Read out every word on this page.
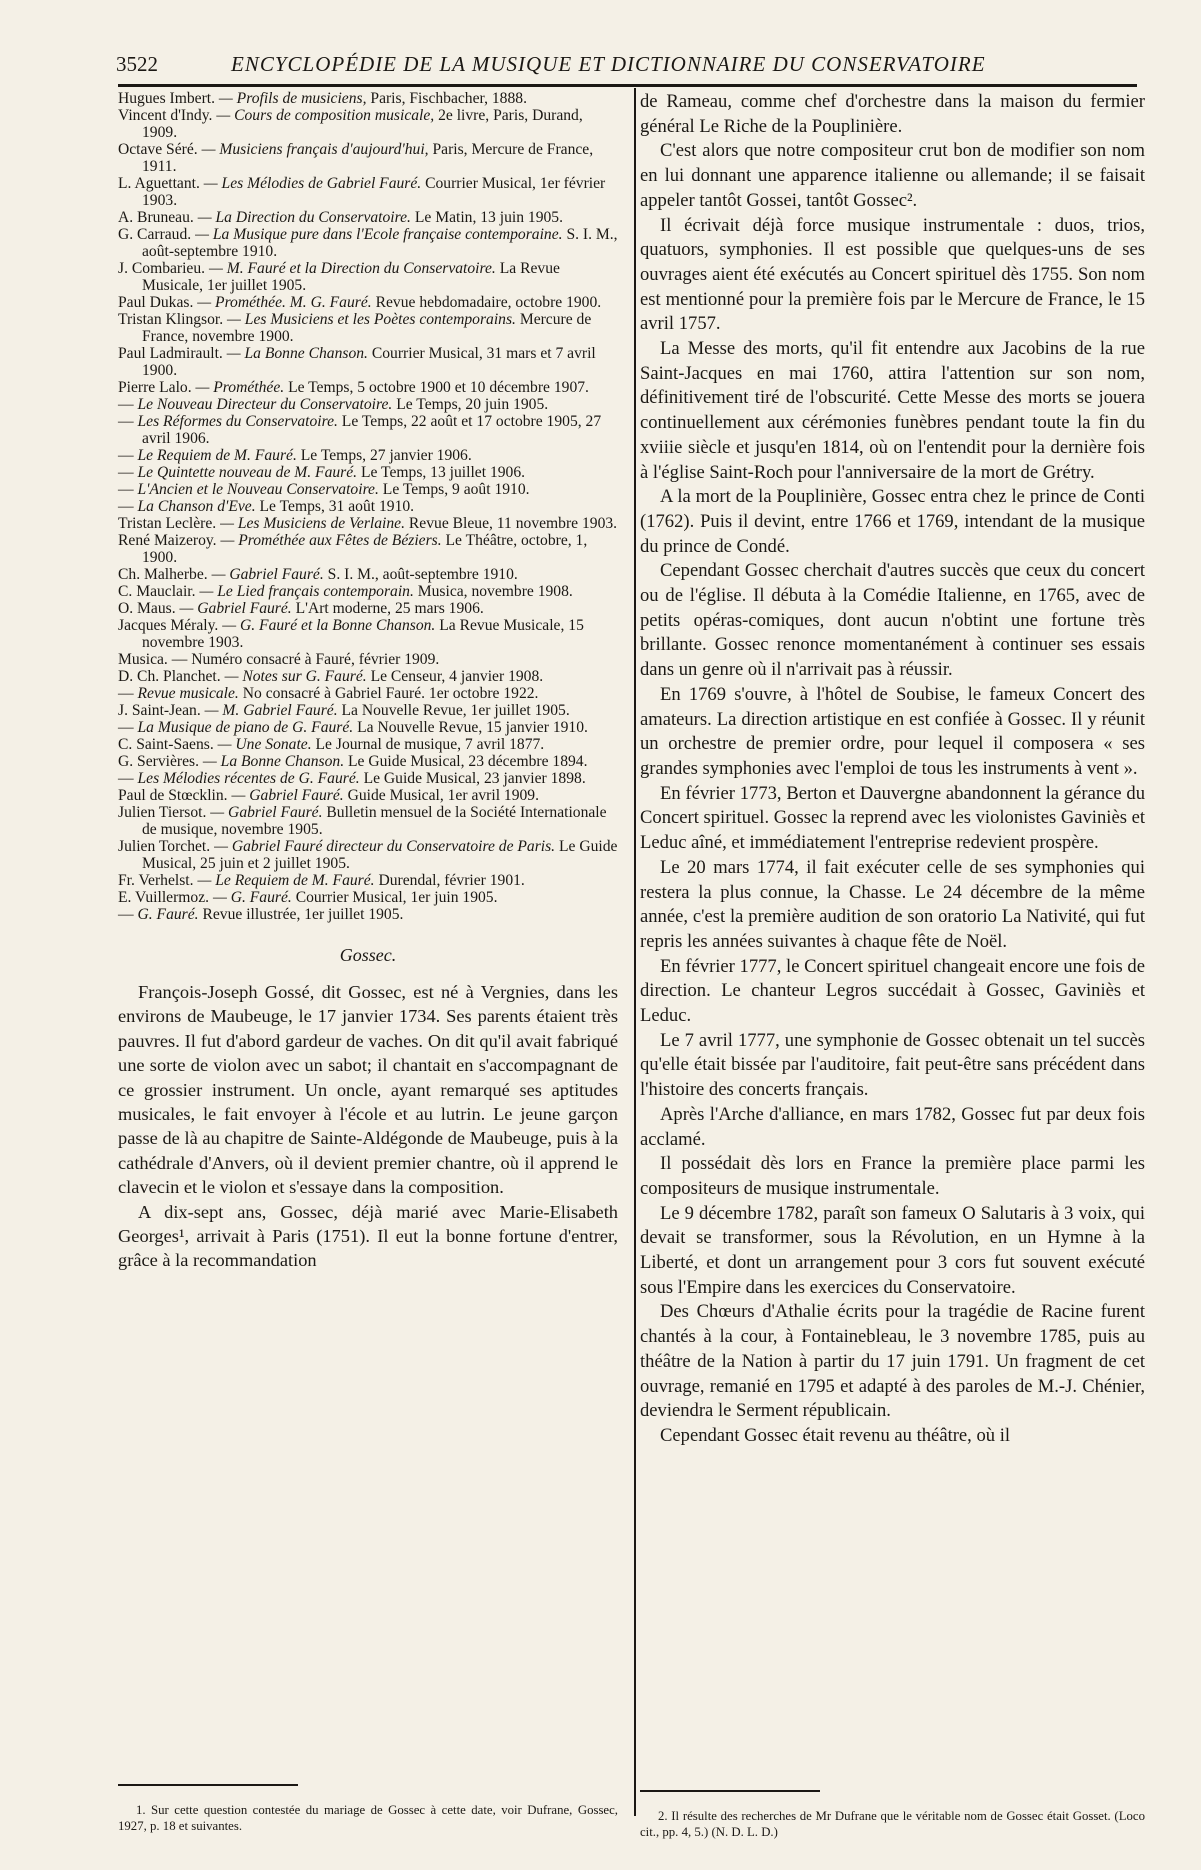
3522	ENCYCLOPÉDIE DE LA MUSIQUE ET DICTIONNAIRE DU CONSERVATOIRE
Hugues Imbert. — Profils de musiciens, Paris, Fischbacher, 1888.
Vincent d'Indy. — Cours de composition musicale, 2e livre, Paris, Durand, 1909.
Octave Séré. — Musiciens français d'aujourd'hui, Paris, Mercure de France, 1911.
L. Aguettant. — Les Mélodies de Gabriel Fauré. Courrier Musical, 1er février 1903.
A. Bruneau. — La Direction du Conservatoire. Le Matin, 13 juin 1905.
G. Carraud. — La Musique pure dans l'Ecole française contemporaine. S. I. M., août-septembre 1910.
J. Combarieu. — M. Fauré et la Direction du Conservatoire. La Revue Musicale, 1er juillet 1905.
Paul Dukas. — Prométhée. M. G. Fauré. Revue hebdomadaire, octobre 1900.
Tristan Klingsor. — Les Musiciens et les Poètes contemporains. Mercure de France, novembre 1900.
Paul Ladmirault. — La Bonne Chanson. Courrier Musical, 31 mars et 7 avril 1900.
Pierre Lalo. — Prométhée. Le Temps, 5 octobre 1900 et 10 décembre 1907.
— Le Nouveau Directeur du Conservatoire. Le Temps, 20 juin 1905.
— Les Réformes du Conservatoire. Le Temps, 22 août et 17 octobre 1905, 27 avril 1906.
— Le Requiem de M. Fauré. Le Temps, 27 janvier 1906.
— Le Quintette nouveau de M. Fauré. Le Temps, 13 juillet 1906.
— L'Ancien et le Nouveau Conservatoire. Le Temps, 9 août 1910.
— La Chanson d'Eve. Le Temps, 31 août 1910.
Tristan Leclère. — Les Musiciens de Verlaine. Revue Bleue, 11 novembre 1903.
René Maizeroy. — Prométhée aux Fêtes de Béziers. Le Théâtre, octobre, 1, 1900.
Ch. Malherbe. — Gabriel Fauré. S. I. M., août-septembre 1910.
C. Mauclair. — Le Lied français contemporain. Musica, novembre 1908.
O. Maus. — Gabriel Fauré. L'Art moderne, 25 mars 1906.
Jacques Méraly. — G. Fauré et la Bonne Chanson. La Revue Musicale, 15 novembre 1903.
Musica. — Numéro consacré à Fauré, février 1909.
D. Ch. Planchet. — Notes sur G. Fauré. Le Censeur, 4 janvier 1908.
— Revue musicale. No consacré à Gabriel Fauré. 1er octobre 1922.
J. Saint-Jean. — M. Gabriel Fauré. La Nouvelle Revue, 1er juillet 1905.
— La Musique de piano de G. Fauré. La Nouvelle Revue, 15 janvier 1910.
C. Saint-Saens. — Une Sonate. Le Journal de musique, 7 avril 1877.
G. Servières. — La Bonne Chanson. Le Guide Musical, 23 décembre 1894.
— Les Mélodies récentes de G. Fauré. Le Guide Musical, 23 janvier 1898.
Paul de Stœcklin. — Gabriel Fauré. Guide Musical, 1er avril 1909.
Julien Tiersot. — Gabriel Fauré. Bulletin mensuel de la Société Internationale de musique, novembre 1905.
Julien Torchet. — Gabriel Fauré directeur du Conservatoire de Paris. Le Guide Musical, 25 juin et 2 juillet 1905.
Fr. Verhelst. — Le Requiem de M. Fauré. Durendal, février 1901.
E. Vuillermoz. — G. Fauré. Courrier Musical, 1er juin 1905.
— G. Fauré. Revue illustrée, 1er juillet 1905.
Gossec.

François-Joseph Gossé, dit Gossec, est né à Vergnies, dans les environs de Maubeuge, le 17 janvier 1734. Ses parents étaient très pauvres. Il fut d'abord gardeur de vaches. On dit qu'il avait fabriqué une sorte de violon avec un sabot; il chantait en s'accompagnant de ce grossier instrument. Un oncle, ayant remarqué ses aptitudes musicales, le fait envoyer à l'école et au lutrin. Le jeune garçon passe de là au chapitre de Sainte-Aldégonde de Maubeuge, puis à la cathédrale d'Anvers, où il devient premier chantre, où il apprend le clavecin et le violon et s'essaye dans la composition.

A dix-sept ans, Gossec, déjà marié avec Marie-Elisabeth Georges¹, arrivait à Paris (1751). Il eut la bonne fortune d'entrer, grâce à la recommandation

de Rameau, comme chef d'orchestre dans la maison du fermier général Le Riche de la Pouplinière.

C'est alors que notre compositeur crut bon de modifier son nom en lui donnant une apparence italienne ou allemande; il se faisait appeler tantôt Gossei, tantôt Gossec².

Il écrivait déjà force musique instrumentale : duos, trios, quatuors, symphonies. Il est possible que quelques-uns de ses ouvrages aient été exécutés au Concert spirituel dès 1755. Son nom est mentionné pour la première fois par le Mercure de France, le 15 avril 1757.

La Messe des morts, qu'il fit entendre aux Jacobins de la rue Saint-Jacques en mai 1760, attira l'attention sur son nom, définitivement tiré de l'obscurité. Cette Messe des morts se jouera continuellement aux cérémonies funèbres pendant toute la fin du xviiie siècle et jusqu'en 1814, où on l'entendit pour la dernière fois à l'église Saint-Roch pour l'anniversaire de la mort de Grétry.

A la mort de la Pouplinière, Gossec entra chez le prince de Conti (1762). Puis il devint, entre 1766 et 1769, intendant de la musique du prince de Condé.

Cependant Gossec cherchait d'autres succès que ceux du concert ou de l'église. Il débuta à la Comédie Italienne, en 1765, avec de petits opéras-comiques, dont aucun n'obtint une fortune très brillante. Gossec renonce momentanément à continuer ses essais dans un genre où il n'arrivait pas à réussir.

En 1769 s'ouvre, à l'hôtel de Soubise, le fameux Concert des amateurs. La direction artistique en est confiée à Gossec. Il y réunit un orchestre de premier ordre, pour lequel il composera « ses grandes symphonies avec l'emploi de tous les instruments à vent ».

En février 1773, Berton et Dauvergne abandonnent la gérance du Concert spirituel. Gossec la reprend avec les violonistes Gaviniès et Leduc aîné, et immédiatement l'entreprise redevient prospère.

Le 20 mars 1774, il fait exécuter celle de ses symphonies qui restera la plus connue, la Chasse. Le 24 décembre de la même année, c'est la première audition de son oratorio La Nativité, qui fut repris les années suivantes à chaque fête de Noël.

En février 1777, le Concert spirituel changeait encore une fois de direction. Le chanteur Legros succédait à Gossec, Gaviniès et Leduc.

Le 7 avril 1777, une symphonie de Gossec obtenait un tel succès qu'elle était bissée par l'auditoire, fait peut-être sans précédent dans l'histoire des concerts français.

Après l'Arche d'alliance, en mars 1782, Gossec fut par deux fois acclamé.

Il possédait dès lors en France la première place parmi les compositeurs de musique instrumentale.

Le 9 décembre 1782, paraît son fameux O Salutaris à 3 voix, qui devait se transformer, sous la Révolution, en un Hymne à la Liberté, et dont un arrangement pour 3 cors fut souvent exécuté sous l'Empire dans les exercices du Conservatoire.

Des Chœurs d'Athalie écrits pour la tragédie de Racine furent chantés à la cour, à Fontainebleau, le 3 novembre 1785, puis au théâtre de la Nation à partir du 17 juin 1791. Un fragment de cet ouvrage, remanié en 1795 et adapté à des paroles de M.-J. Chénier, deviendra le Serment républicain.

Cependant Gossec était revenu au théâtre, où il

1. Sur cette question contestée du mariage de Gossec à cette date, voir Dufrane, Gossec, 1927, p. 18 et suivantes.
2. Il résulte des recherches de Mr Dufrane que le véritable nom de Gossec était Gosset. (Loco cit., pp. 4, 5.) (N. D. L. D.)
